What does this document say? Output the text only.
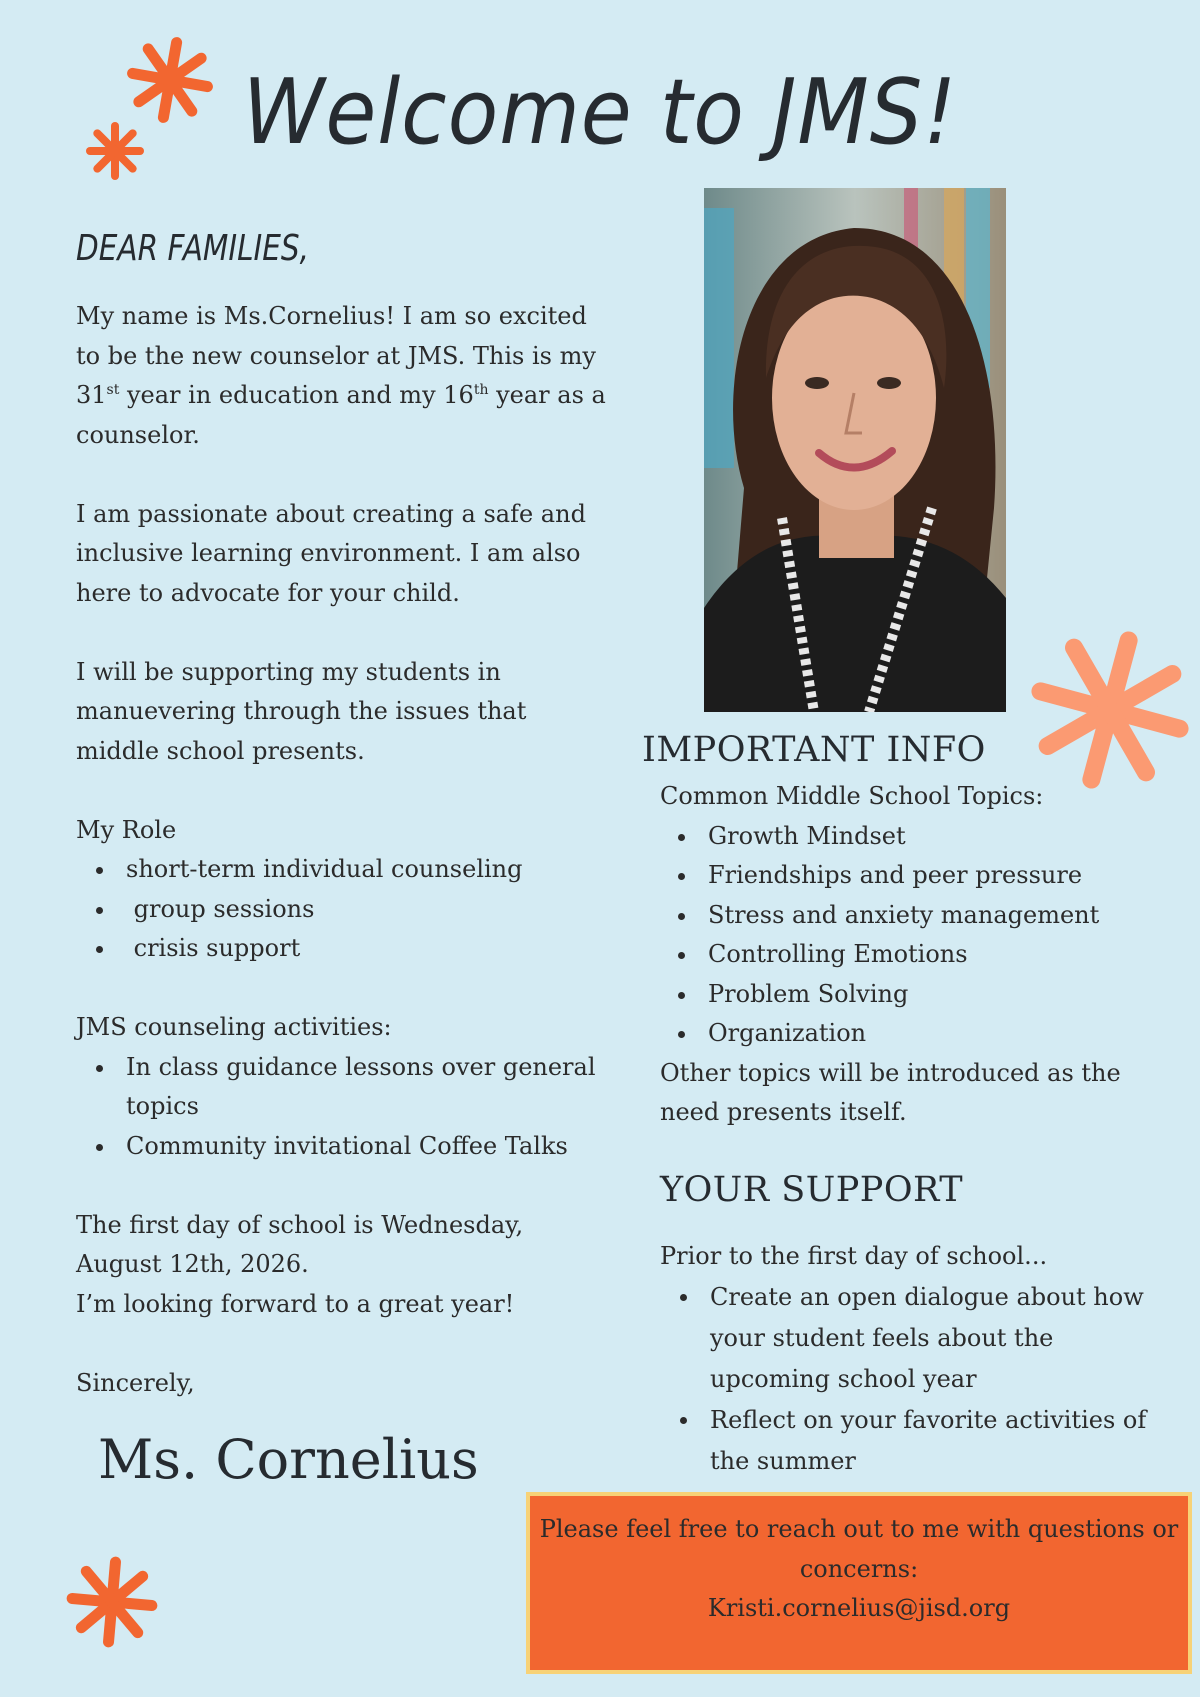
Welcome to JMS!
DEAR FAMILIES,

My name is Ms.Cornelius! I am so excited

to be the new counselor at JMS. This is my

31st year in education and my 16th year as a

counselor.

I am passionate about creating a safe and

inclusive learning environment. I am also

here to advocate for your child.

I will be supporting my students in

manuevering through the issues that

middle school presents.

My Role

short-term individual counseling
group sessions
crisis support

JMS counseling activities:

In class guidance lessons over general topics
Community invitational Coffee Talks

The first day of school is Wednesday,

August 12th, 2026.

I’m looking forward to a great year!

Sincerely,

Ms. Cornelius
IMPORTANT INFO

Common Middle School Topics:

Growth Mindset
Friendships and peer pressure
Stress and anxiety management
Controlling Emotions
Problem Solving
Organization

Other topics will be introduced as the

need presents itself.

YOUR SUPPORT

Prior to the first day of school...

Create an open dialogue about how
your student feels about the
upcoming school year
Reflect on your favorite activities of
the summer

Please feel free to reach out to me with questions or

concerns:

Kristi.cornelius@jisd.org
